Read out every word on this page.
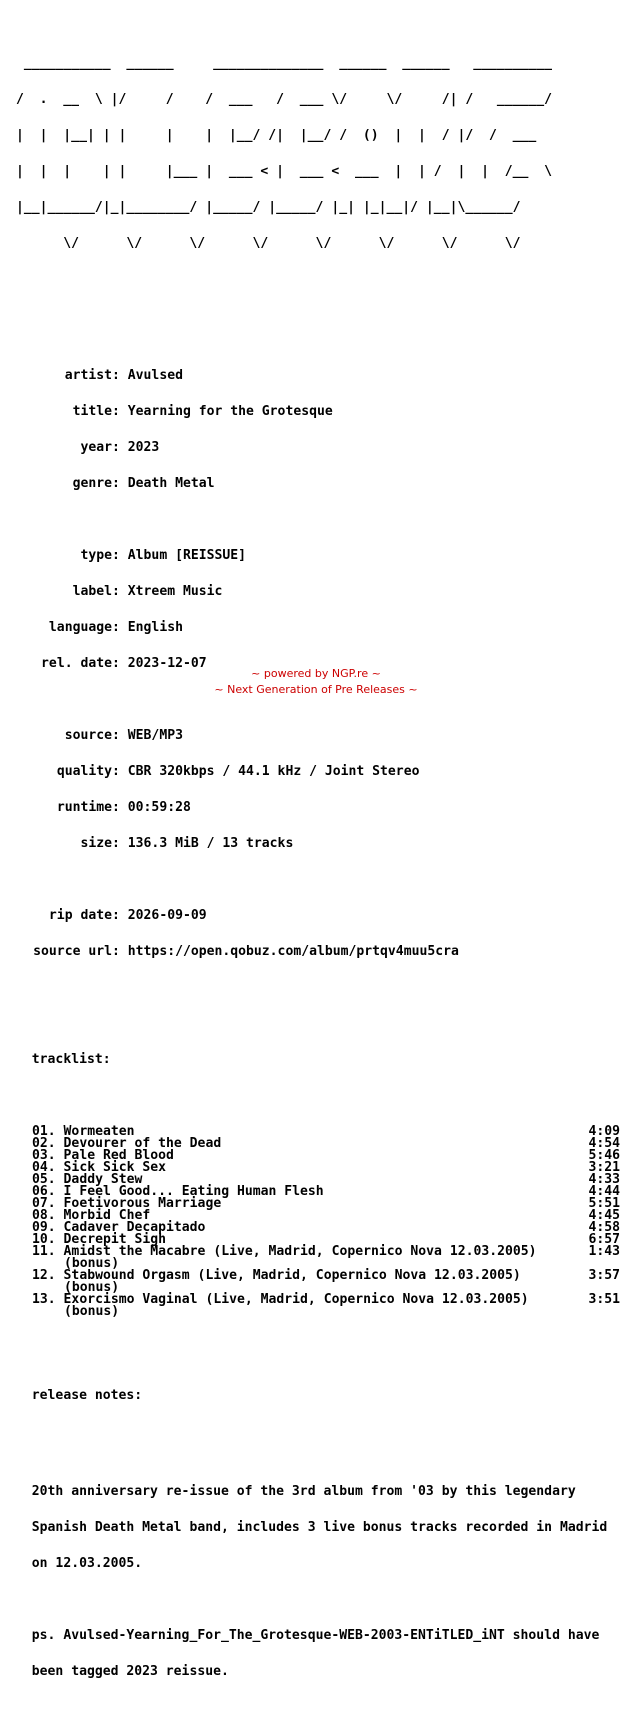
___________  ______     ______________  ______  ______   __________

/  .  __  \ |/     /    /  ___   /  ___ \/     \/     /| /   ______/

|  |  |__| | |     |    |  |__/ /|  |__/ /  ()  |  |  / |/  /  ___

|  |  |    | |     |___ |  ___ < |  ___ <  ___  |  | /  |  |  /__  \

|__|______/|_|________/ |_____/ |_____/ |_| |_|__|/ |__|\______/

\/      \/      \/      \/      \/      \/      \/      \/

artist: Avulsed

title: Yearning for the Grotesque

year: 2023

genre: Death Metal

type: Album [REISSUE]

label: Xtreem Music

language: English

rel. date: 2023-12-07

source: WEB/MP3

quality: CBR 320kbps / 44.1 kHz / Joint Stereo

runtime: 00:59:28

size: 136.3 MiB / 13 tracks

rip date: 2026-09-09

source url: https://open.qobuz.com/album/prtqv4muu5cra

tracklist:

01. Wormeaten	4:09
02. Devourer of the Dead	4:54
03. Pale Red Blood	5:46
04. Sick Sick Sex	3:21
05. Daddy Stew	4:33
06. I Feel Good... Eating Human Flesh	4:44
07. Foetivorous Marriage	5:51
08. Morbid Chef	4:45
09. Cadaver Decapitado	4:58
10. Decrepit Sigh	6:57
11. Amidst the Macabre (Live, Madrid, Copernico Nova 12.03.2005)	1:43
(bonus)
12. Stabwound Orgasm (Live, Madrid, Copernico Nova 12.03.2005)	3:57
(bonus)
13. Exorcismo Vaginal (Live, Madrid, Copernico Nova 12.03.2005)	3:51
(bonus)

release notes:

20th anniversary re-issue of the 3rd album from '03 by this legendary

Spanish Death Metal band, includes 3 live bonus tracks recorded in Madrid

on 12.03.2005.

ps. Avulsed-Yearning_For_The_Grotesque-WEB-2003-ENTiTLED_iNT should have

been tagged 2023 reissue.

~ powered by NGP.re ~
~ Next Generation of Pre Releases ~
